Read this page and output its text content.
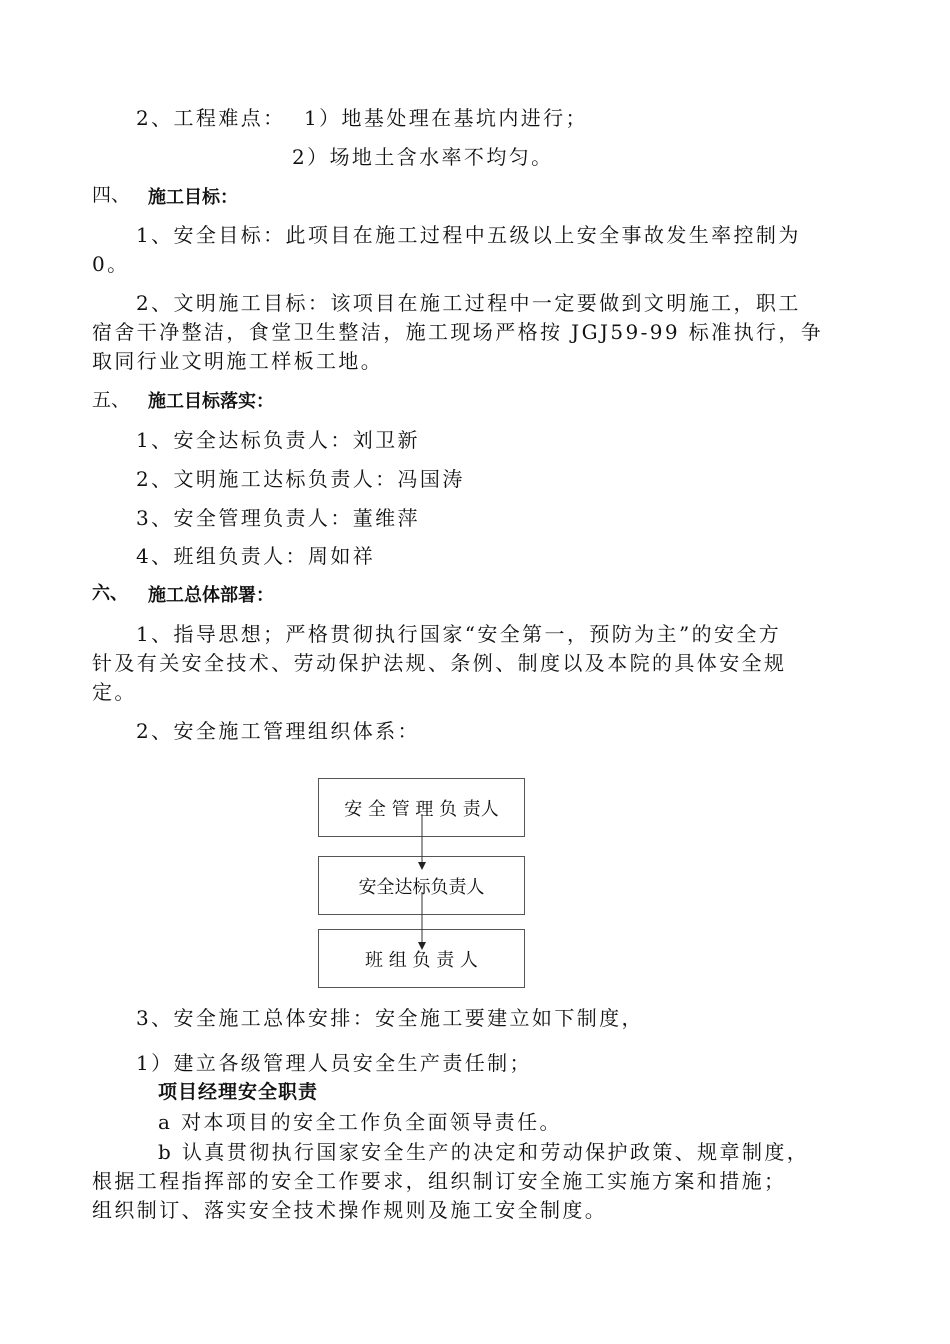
2、工程难点： 1）地基处理在基坑内进行；
2）场地土含水率不均匀。
四、 施工目标：
1、安全目标：此项目在施工过程中五级以上安全事故发生率控制为
0。
2、文明施工目标：该项目在施工过程中一定要做到文明施工，职工
宿舍干净整洁，食堂卫生整洁，施工现场严格按 JGJ59-99 标准执行，争
取同行业文明施工样板工地。
五、 施工目标落实：
1、安全达标负责人：刘卫新
2、文明施工达标负责人：冯国涛
3、安全管理负责人：董维萍
4、班组负责人：周如祥
六、 施工总体部署：
1、指导思想；严格贯彻执行国家“安全第一，预防为主”的安全方
针及有关安全技术、劳动保护法规、条例、制度以及本院的具体安全规
定。
2、安全施工管理组织体系：
安 全 管 理 负 责人
安全达标负责人
班 组 负 责 人
3、安全施工总体安排：安全施工要建立如下制度，
1）建立各级管理人员安全生产责任制；
项目经理安全职责
a 对本项目的安全工作负全面领导责任。
b 认真贯彻执行国家安全生产的决定和劳动保护政策、规章制度，
根据工程指挥部的安全工作要求，组织制订安全施工实施方案和措施；
组织制订、落实安全技术操作规则及施工安全制度。
